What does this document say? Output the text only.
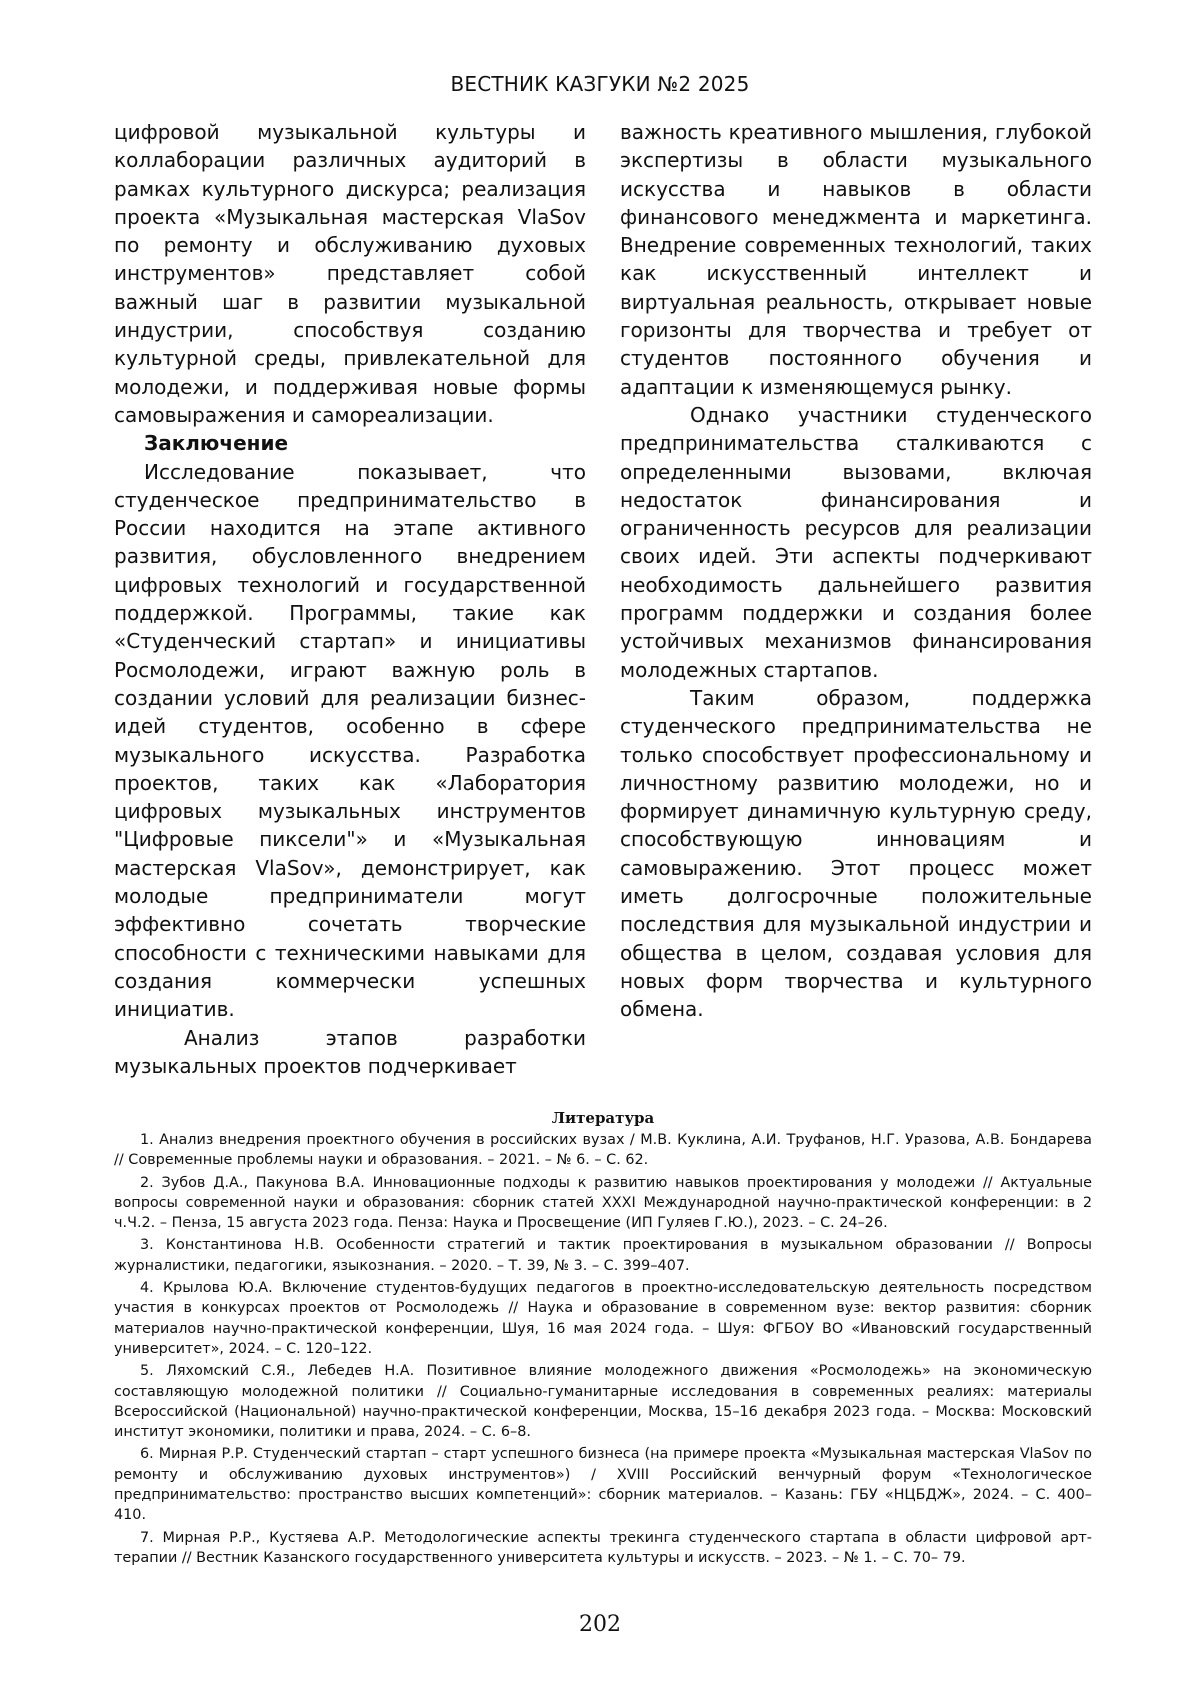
ВЕСТНИК КАЗГУКИ №2 2025

цифровой музыкальной культуры и коллаборации различных аудиторий в рамках культурного дискурса; реализация проекта «Музыкальная мастерская VlaSov по ремонту и обслуживанию духовых инструментов» представляет собой важный шаг в развитии музыкальной индустрии, способствуя созданию культурной среды, привлекательной для молодежи, и поддерживая новые формы самовыражения и самореализации.

Заключение

Исследование показывает, что студенческое предпринимательство в России находится на этапе активного развития, обусловленного внедрением цифровых технологий и государственной поддержкой. Программы, такие как «Студенческий стартап» и инициативы Росмолодежи, играют важную роль в создании условий для реализации бизнес-идей студентов, особенно в сфере музыкального искусства. Разработка проектов, таких как «Лаборатория цифровых музыкальных инструментов "Цифровые пиксели"» и «Музыкальная мастерская VlaSov», демонстрирует, как молодые предприниматели могут эффективно сочетать творческие способности с техническими навыками для создания коммерчески успешных инициатив.

Анализ этапов разработки музыкальных проектов подчеркивает

важность креативного мышления, глубокой экспертизы в области музыкального искусства и навыков в области финансового менеджмента и маркетинга. Внедрение современных технологий, таких как искусственный интеллект и виртуальная реальность, открывает новые горизонты для творчества и требует от студентов постоянного обучения и адаптации к изменяющемуся рынку.

Однако участники студенческого предпринимательства сталкиваются с определенными вызовами, включая недостаток финансирования и ограниченность ресурсов для реализации своих идей. Эти аспекты подчеркивают необходимость дальнейшего развития программ поддержки и создания более устойчивых механизмов финансирования молодежных стартапов.

Таким образом, поддержка студенческого предпринимательства не только способствует профессиональному и личностному развитию молодежи, но и формирует динамичную культурную среду, способствующую инновациям и самовыражению. Этот процесс может иметь долгосрочные положительные последствия для музыкальной индустрии и общества в целом, создавая условия для новых форм творчества и культурного обмена.

Литература
1. Анализ внедрения проектного обучения в российских вузах / М.В. Куклина, А.И. Труфанов, Н.Г. Уразова, А.В. Бондарева // Современные проблемы науки и образования. – 2021. – № 6. – С. 62.
2. Зубов Д.А., Пакунова В.А. Инновационные подходы к развитию навыков проектирования у молодежи // Актуальные вопросы современной науки и образования: сборник статей XXXI Международной научно-практической конференции: в 2 ч.Ч.2. – Пенза, 15 августа 2023 года. Пенза: Наука и Просвещение (ИП Гуляев Г.Ю.), 2023. – С. 24–26.
3. Константинова Н.В. Особенности стратегий и тактик проектирования в музыкальном образовании // Вопросы журналистики, педагогики, языкознания. – 2020. – Т. 39, № 3. – С. 399–407.
4. Крылова Ю.А. Включение студентов-будущих педагогов в проектно-исследовательскую деятельность посредством участия в конкурсах проектов от Росмолодежь // Наука и образование в современном вузе: вектор развития: сборник материалов научно-практической конференции, Шуя, 16 мая 2024 года. – Шуя: ФГБОУ ВО «Ивановский государственный университет», 2024. – С. 120–122.
5. Ляхомский С.Я., Лебедев Н.А. Позитивное влияние молодежного движения «Росмолодежь» на экономическую составляющую молодежной политики // Социально-гуманитарные исследования в современных реалиях: материалы Всероссийской (Национальной) научно-практической конференции, Москва, 15–16 декабря 2023 года. – Москва: Московский институт экономики, политики и права, 2024. – С. 6–8.
6. Мирная Р.Р. Студенческий стартап – старт успешного бизнеса (на примере проекта «Музыкальная мастерская VlaSov по ремонту и обслуживанию духовых инструментов») / XVIII Российский венчурный форум «Технологическое предпринимательство: пространство высших компетенций»: сборник материалов. – Казань: ГБУ «НЦБДЖ», 2024. – С. 400– 410.
7. Мирная Р.Р., Кустяева А.Р. Методологические аспекты трекинга студенческого стартапа в области цифровой арт-терапии // Вестник Казанского государственного университета культуры и искусств. – 2023. – № 1. – С. 70– 79.
202
